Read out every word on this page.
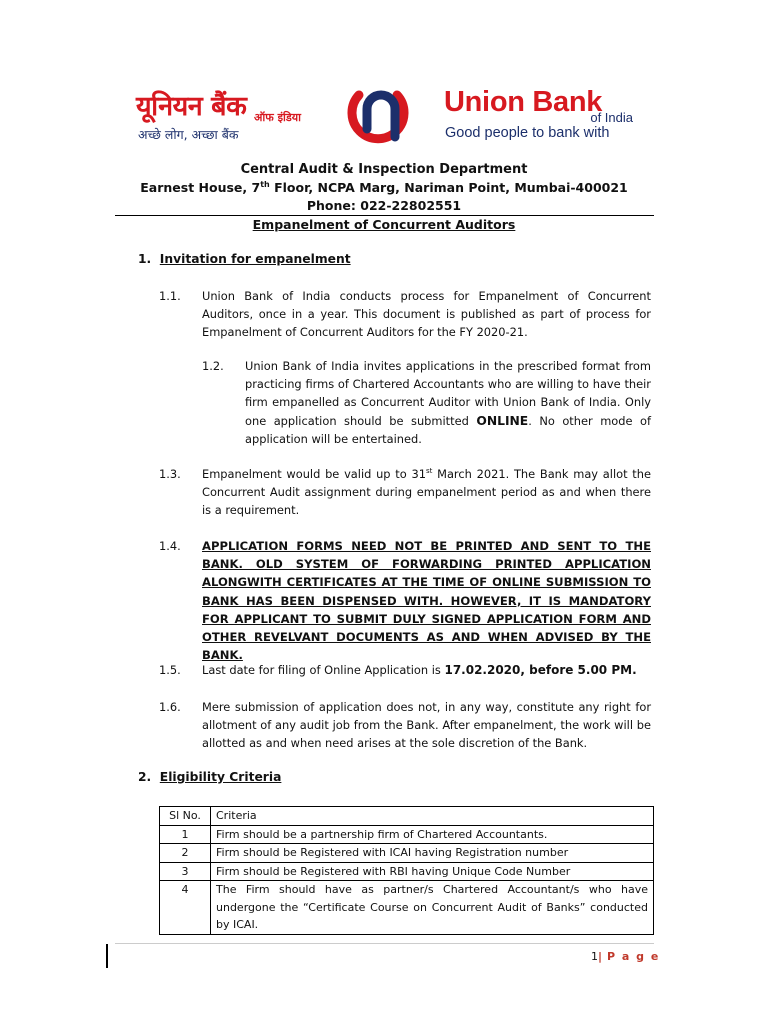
यूनियन बैंक ऑफ इंडिया
अच्छे लोग, अच्छा बैंक
Union Bank
of India
Good people to bank with
Central Audit & Inspection Department
Earnest House, 7th Floor, NCPA Marg, Nariman Point, Mumbai-400021
Phone: 022-22802551
Empanelment of Concurrent Auditors
1. Invitation for empanelment
1.1. Union Bank of India conducts process for Empanelment of Concurrent Auditors, once in a year. This document is published as part of process for Empanelment of Concurrent Auditors for the FY 2020-21.
1.2. Union Bank of India invites applications in the prescribed format from practicing firms of Chartered Accountants who are willing to have their firm empanelled as Concurrent Auditor with Union Bank of India. Only one application should be submitted ONLINE. No other mode of application will be entertained.
1.3. Empanelment would be valid up to 31st March 2021. The Bank may allot the Concurrent Audit assignment during empanelment period as and when there is a requirement.
1.4. APPLICATION FORMS NEED NOT BE PRINTED AND SENT TO THE BANK. OLD SYSTEM OF FORWARDING PRINTED APPLICATION ALONGWITH CERTIFICATES AT THE TIME OF ONLINE SUBMISSION TO BANK HAS BEEN DISPENSED WITH. HOWEVER, IT IS MANDATORY FOR APPLICANT TO SUBMIT DULY SIGNED APPLICATION FORM AND OTHER REVELVANT DOCUMENTS AS AND WHEN ADVISED BY THE BANK.
1.5. Last date for filing of Online Application is 17.02.2020, before 5.00 PM.
1.6. Mere submission of application does not, in any way, constitute any right for allotment of any audit job from the Bank. After empanelment, the work will be allotted as and when need arises at the sole discretion of the Bank.
2. Eligibility Criteria
Sl No.	Criteria
1	Firm should be a partnership firm of Chartered Accountants.
2	Firm should be Registered with ICAI having Registration number
3	Firm should be Registered with RBI having Unique Code Number
4	The Firm should have as partner/s Chartered Accountant/s who have undergone the “Certificate Course on Concurrent Audit of Banks” conducted by ICAI.
1| P a g e
